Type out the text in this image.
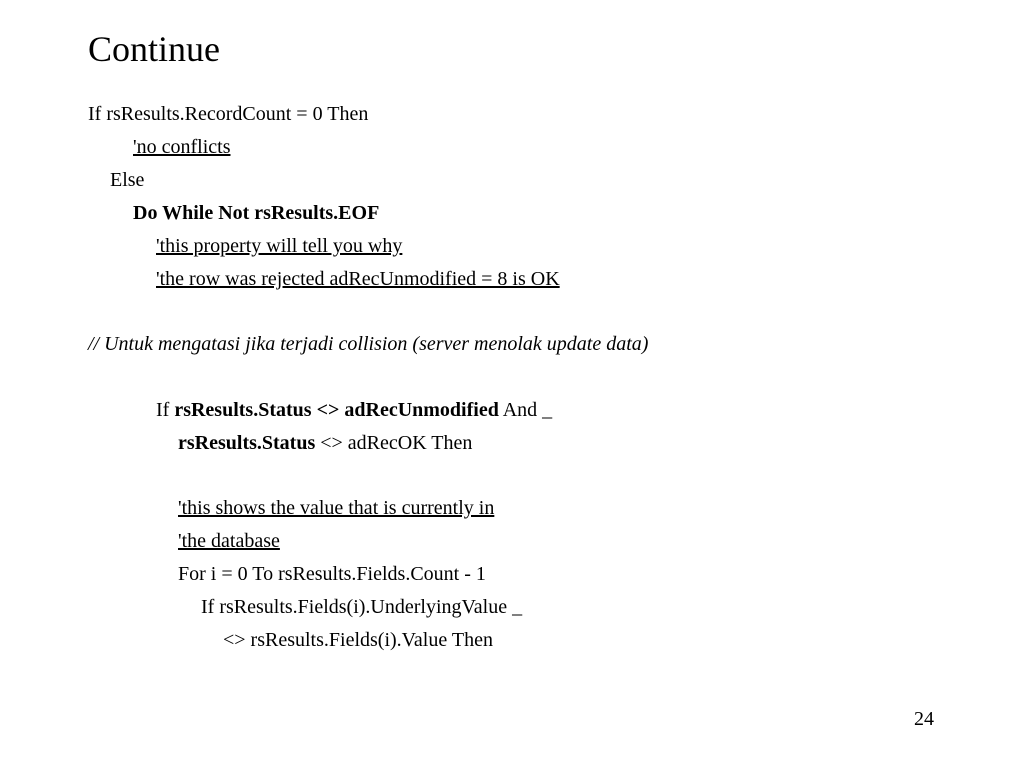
Continue
If rsResults.RecordCount = 0 Then
'no conflicts
Else
Do While Not rsResults.EOF
'this property will tell you why
'the row was rejected adRecUnmodified = 8 is OK
// Untuk mengatasi jika terjadi collision (server menolak update data)
If rsResults.Status <> adRecUnmodified And _
rsResults.Status <> adRecOK Then
'this shows the value that is currently in
'the database
For i = 0 To rsResults.Fields.Count - 1
If rsResults.Fields(i).UnderlyingValue _
<> rsResults.Fields(i).Value Then
24
